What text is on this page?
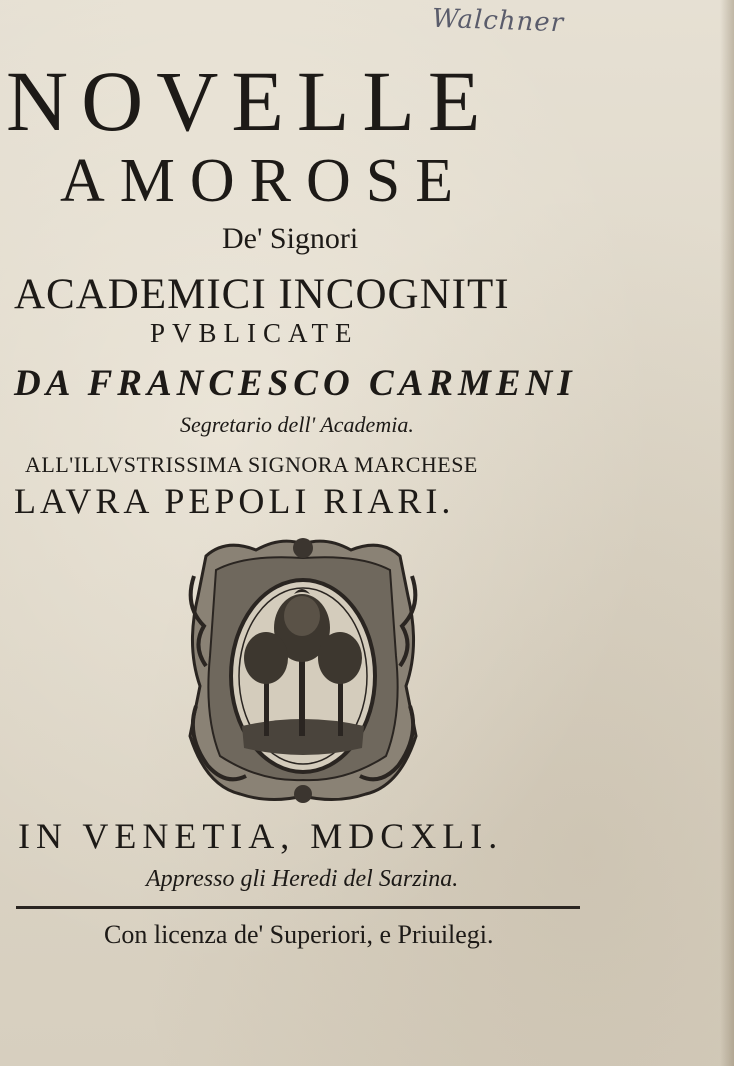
Walchner
NOVELLE
AMOROSE
De' Signori
ACADEMICI INCOGNITI
PVBLICATE
DA FRANCESCO CARMENI
Segretario dell' Academia.
ALL'ILLVSTRISSIMA SIGNORA MARCHESE
LAVRA PEPOLI RIARI.
IN VENETIA, MDCXLI.
Appresso gli Heredi del Sarzina.
Con licenza de' Superiori, e Priuilegi.
